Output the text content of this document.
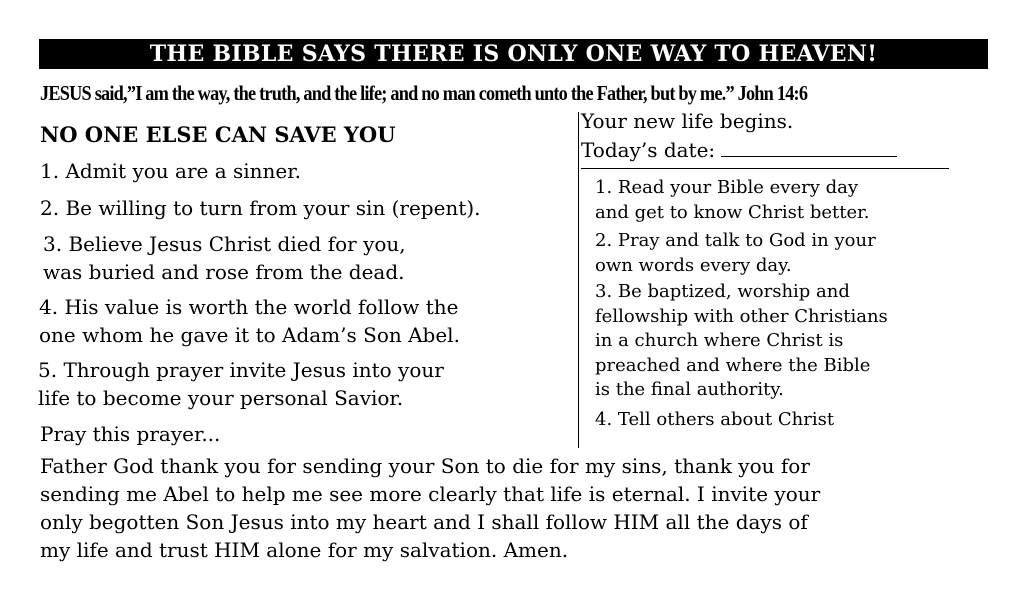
THE BIBLE SAYS THERE IS ONLY ONE WAY TO HEAVEN!
JESUS said,”I am the way, the truth, and the life; and no man cometh unto the Father, but by me.” John 14:6
NO ONE ELSE CAN SAVE YOU
1. Admit you are a sinner.
2. Be willing to turn from your sin (repent).
3. Believe Jesus Christ died for you,
was buried and rose from the dead.
4. His value is worth the world follow the
one whom he gave it to Adam’s Son Abel.
5. Through prayer invite Jesus into your
life to become your personal Savior.
Pray this prayer...
Father God thank you for sending your Son to die for my sins, thank you for
sending me Abel to help me see more clearly that life is eternal. I invite your
only begotten Son Jesus into my heart and I shall follow HIM all the days of
my life and trust HIM alone for my salvation. Amen.
Your new life begins.
Today’s date:
1. Read your Bible every day
and get to know Christ better.
2. Pray and talk to God in your
own words every day.
3. Be baptized, worship and
fellowship with other Christians
in a church where Christ is
preached and where the Bible
is the final authority.
4. Tell others about Christ
